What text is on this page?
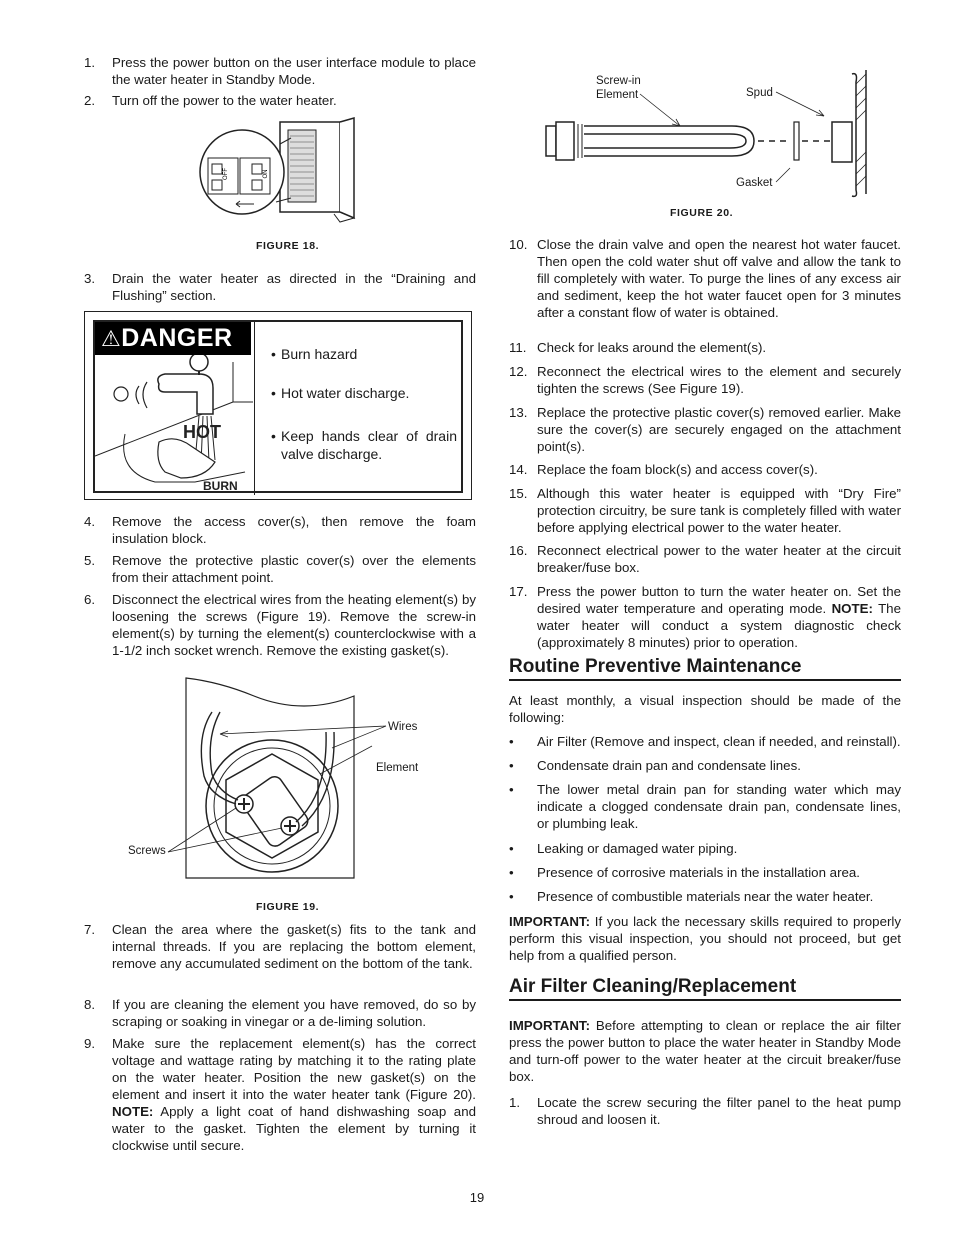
1.	Press the power button on the user interface module to place the water heater in Standby Mode.
2.	Turn off the power to the water heater.
OFF	ON
FIGURE 18.
3.	Drain the water heater as directed in the “Draining and Flushing” section.
HOT
BURN
⚠DANGER
• Burn hazard
• Hot water discharge.
• Keep hands clear of drain valve discharge.
4.	Remove the access cover(s), then remove the foam insulation block.
5.	Remove the protective plastic cover(s) over the elements from their attachment point.
6.	Disconnect the electrical wires from the heating element(s) by loosening the screws (Figure 19). Remove the screw-in element(s) by turning the element(s) counterclockwise with a 1-1/2 inch socket wrench. Remove the existing gasket(s).
Wires
Element
Screws
FIGURE 19.
7.	Clean the area where the gasket(s) fits to the tank and internal threads. If you are replacing the bottom element, remove any accumulated sediment on the bottom of the tank.
8.	If you are cleaning the element you have removed, do so by scraping or soaking in vinegar or a de-liming solution.
9.	Make sure the replacement element(s) has the correct voltage and wattage rating by matching it to the rating plate on the water heater. Position the new gasket(s) on the element and insert it into the water heater tank (Figure 20). NOTE: Apply a light coat of hand dishwashing soap and water to the gasket. Tighten the element by turning it clockwise until secure.
Screw-in
Element	Spud
Gasket
FIGURE 20.
10. Close the drain valve and open the nearest hot water faucet. Then open the cold water shut off valve and allow the tank to fill completely with water. To purge the lines of any excess air and sediment, keep the hot water faucet open for 3 minutes after a constant flow of water is obtained.
11. Check for leaks around the element(s).
12. Reconnect the electrical wires to the element and securely tighten the screws (See Figure 19).
13. Replace the protective plastic cover(s) removed earlier. Make sure the cover(s) are securely engaged on the attachment point(s).
14. Replace the foam block(s) and access cover(s).
15. Although this water heater is equipped with “Dry Fire” protection circuitry, be sure tank is completely filled with water before applying electrical power to the water heater.
16. Reconnect electrical power to the water heater at the circuit breaker/fuse box.
17. Press the power button to turn the water heater on. Set the desired water temperature and operating mode. NOTE: The water heater will conduct a system diagnostic check (approximately 8 minutes) prior to operation.
Routine Preventive Maintenance
At least monthly, a visual inspection should be made of the following:
•	Air Filter (Remove and inspect, clean if needed, and reinstall).
•	Condensate drain pan and condensate lines.
•	The lower metal drain pan for standing water which may indicate a clogged condensate drain pan, condensate lines, or plumbing leak.
•	Leaking or damaged water piping.
•	Presence of corrosive materials in the installation area.
•	Presence of combustible materials near the water heater.
IMPORTANT: If you lack the necessary skills required to properly perform this visual inspection, you should not proceed, but get help from a qualified person.
Air Filter Cleaning/Replacement
IMPORTANT: Before attempting to clean or replace the air filter press the power button to place the water heater in Standby Mode and turn-off power to the water heater at the circuit breaker/fuse box.
1.	Locate the screw securing the filter panel to the heat pump shroud and loosen it.
19
